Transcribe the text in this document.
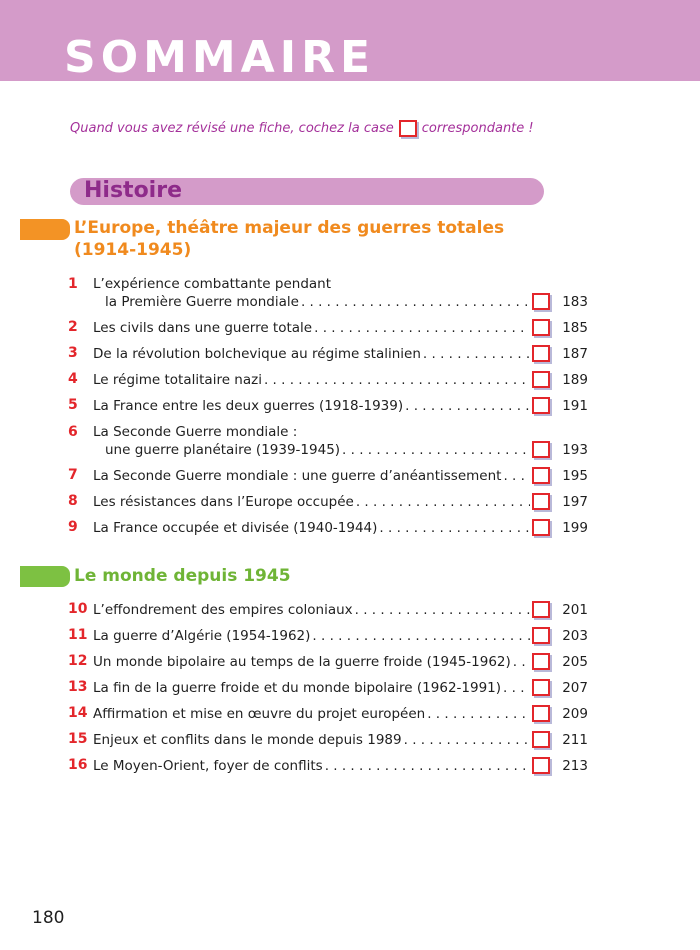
SOMMAIRE
Quand vous avez révisé une fiche, cochez la case correspondante !
Histoire
L’Europe, théâtre majeur des guerres totales (1914-1945)
1	L’expérience combattante pendant
la Première Guerre mondiale . . .	183
2	Les civils dans une guerre totale . . .	185
3	De la révolution bolchevique au régime stalinien . . .	187
4	Le régime totalitaire nazi . . .	189
5	La France entre les deux guerres (1918-1939) . . .	191
6	La Seconde Guerre mondiale :
une guerre planétaire (1939-1945) . . .	193
7	La Seconde Guerre mondiale : une guerre d’anéantissement . . .	195
8	Les résistances dans l’Europe occupée . . .	197
9	La France occupée et divisée (1940-1944) . . .	199
Le monde depuis 1945
10 L’effondrement des empires coloniaux . . .	201
11 La guerre d’Algérie (1954-1962) . . .	203
12 Un monde bipolaire au temps de la guerre froide (1945-1962) . . .	205
13 La fin de la guerre froide et du monde bipolaire (1962-1991) . . .	207
14 Affirmation et mise en œuvre du projet européen . . .	209
15 Enjeux et conflits dans le monde depuis 1989 . . .	211
16 Le Moyen-Orient, foyer de conflits . . .	213
180
